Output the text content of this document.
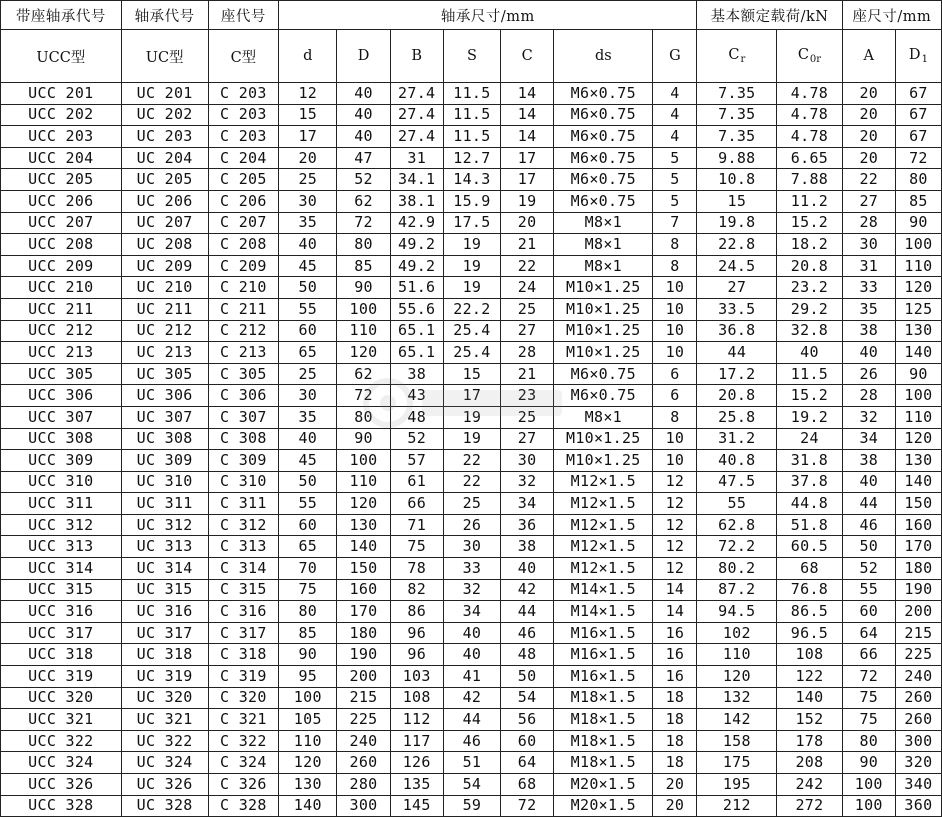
带座轴承代号	轴承代号	座代号	轴承尺寸/mm							基本额定载荷/kN		座尺寸/mm	
UCC型	UC型	C型	d	D	B	S	C	ds	G	$C_r$	$C_{0r}$	A	$D_1$
UCC 201	UC 201	C 203	12	40	27.4	11.5	14	M6×0.75	4	7.35	4.78	20	67
UCC 202	UC 202	C 203	15	40	27.4	11.5	14	M6×0.75	4	7.35	4.78	20	67
UCC 203	UC 203	C 203	17	40	27.4	11.5	14	M6×0.75	4	7.35	4.78	20	67
UCC 204	UC 204	C 204	20	47	31	12.7	17	M6×0.75	5	9.88	6.65	20	72
UCC 205	UC 205	C 205	25	52	34.1	14.3	17	M6×0.75	5	10.8	7.88	22	80
UCC 206	UC 206	C 206	30	62	38.1	15.9	19	M6×0.75	5	15	11.2	27	85
UCC 207	UC 207	C 207	35	72	42.9	17.5	20	M8×1	7	19.8	15.2	28	90
UCC 208	UC 208	C 208	40	80	49.2	19	21	M8×1	8	22.8	18.2	30	100
UCC 209	UC 209	C 209	45	85	49.2	19	22	M8×1	8	24.5	20.8	31	110
UCC 210	UC 210	C 210	50	90	51.6	19	24	M10×1.25	10	27	23.2	33	120
UCC 211	UC 211	C 211	55	100	55.6	22.2	25	M10×1.25	10	33.5	29.2	35	125
UCC 212	UC 212	C 212	60	110	65.1	25.4	27	M10×1.25	10	36.8	32.8	38	130
UCC 213	UC 213	C 213	65	120	65.1	25.4	28	M10×1.25	10	44	40	40	140
UCC 305	UC 305	C 305	25	62	38	15	21	M6×0.75	6	17.2	11.5	26	90
UCC 306	UC 306	C 306	30	72	43	17	23	M6×0.75	6	20.8	15.2	28	100
UCC 307	UC 307	C 307	35	80	48	19	25	M8×1	8	25.8	19.2	32	110
UCC 308	UC 308	C 308	40	90	52	19	27	M10×1.25	10	31.2	24	34	120
UCC 309	UC 309	C 309	45	100	57	22	30	M10×1.25	10	40.8	31.8	38	130
UCC 310	UC 310	C 310	50	110	61	22	32	M12×1.5	12	47.5	37.8	40	140
UCC 311	UC 311	C 311	55	120	66	25	34	M12×1.5	12	55	44.8	44	150
UCC 312	UC 312	C 312	60	130	71	26	36	M12×1.5	12	62.8	51.8	46	160
UCC 313	UC 313	C 313	65	140	75	30	38	M12×1.5	12	72.2	60.5	50	170
UCC 314	UC 314	C 314	70	150	78	33	40	M12×1.5	12	80.2	68	52	180
UCC 315	UC 315	C 315	75	160	82	32	42	M14×1.5	14	87.2	76.8	55	190
UCC 316	UC 316	C 316	80	170	86	34	44	M14×1.5	14	94.5	86.5	60	200
UCC 317	UC 317	C 317	85	180	96	40	46	M16×1.5	16	102	96.5	64	215
UCC 318	UC 318	C 318	90	190	96	40	48	M16×1.5	16	110	108	66	225
UCC 319	UC 319	C 319	95	200	103	41	50	M16×1.5	16	120	122	72	240
UCC 320	UC 320	C 320	100	215	108	42	54	M18×1.5	18	132	140	75	260
UCC 321	UC 321	C 321	105	225	112	44	56	M18×1.5	18	142	152	75	260
UCC 322	UC 322	C 322	110	240	117	46	60	M18×1.5	18	158	178	80	300
UCC 324	UC 324	C 324	120	260	126	51	64	M18×1.5	18	175	208	90	320
UCC 326	UC 326	C 326	130	280	135	54	68	M20×1.5	20	195	242	100	340
UCC 328	UC 328	C 328	140	300	145	59	72	M20×1.5	20	212	272	100	360
